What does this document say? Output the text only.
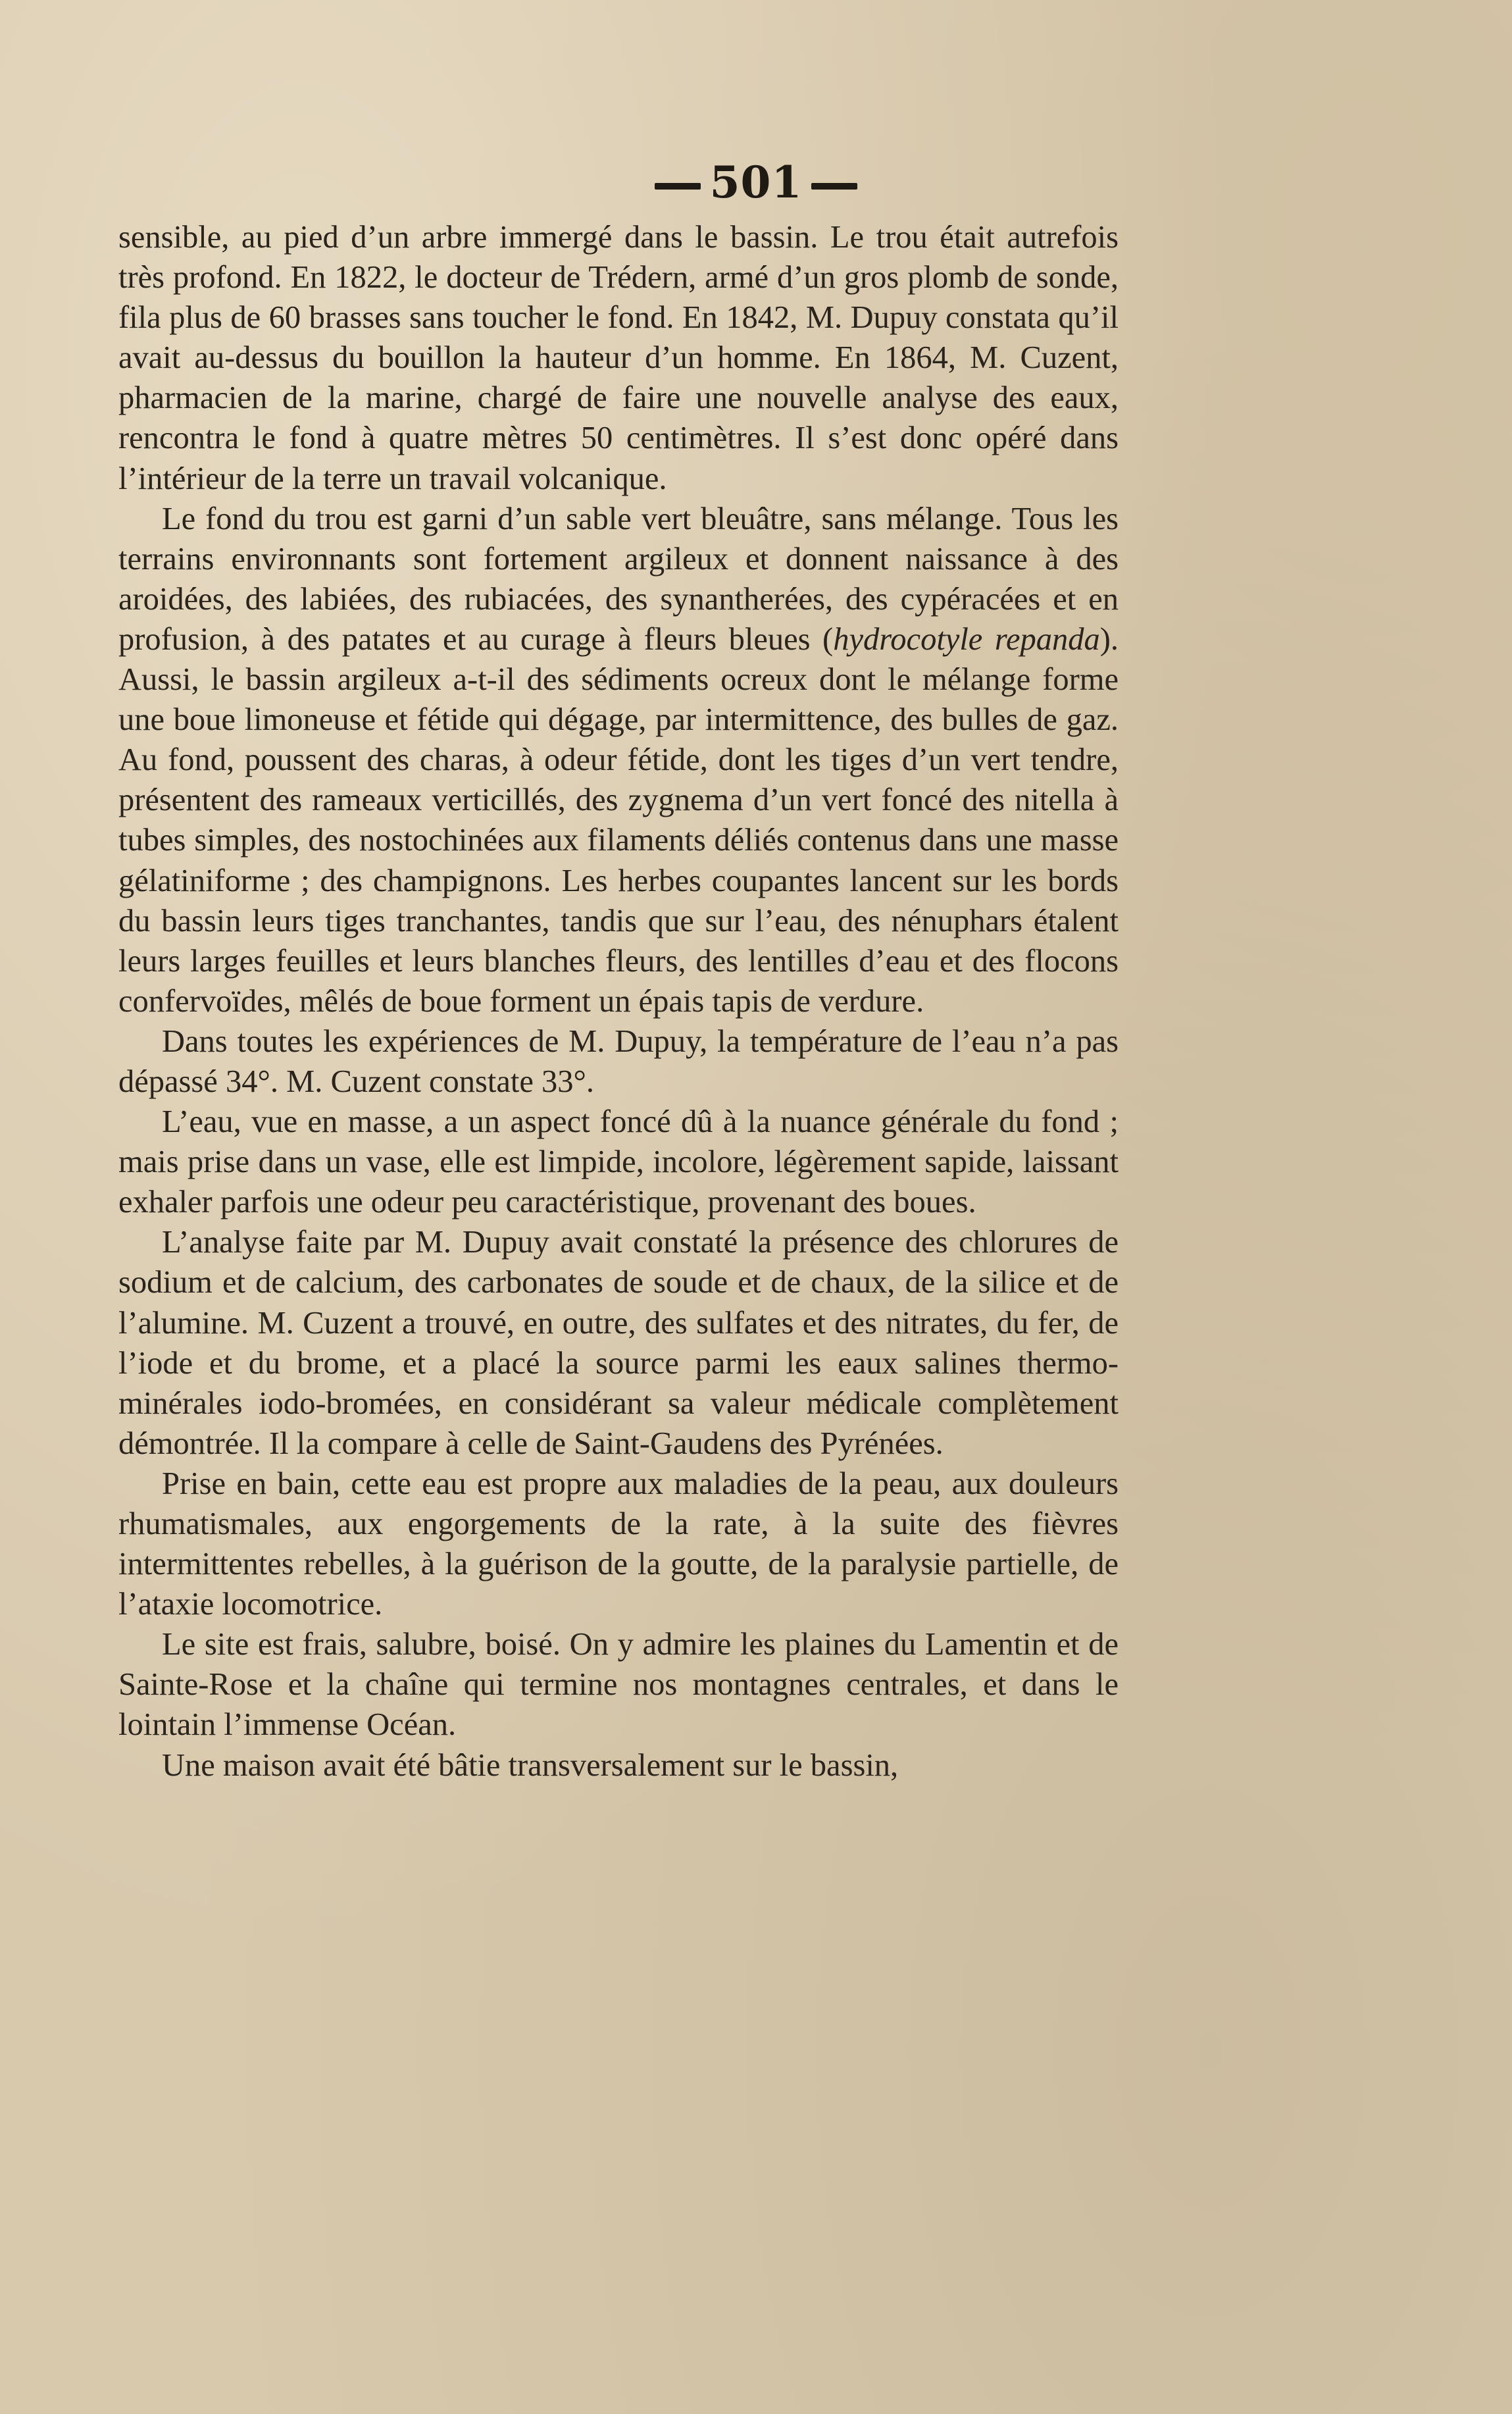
501

sensible, au pied d’un arbre immergé dans le bassin. Le trou était autrefois très profond. En 1822, le docteur de Trédern, armé d’un gros plomb de sonde, fila plus de 60 brasses sans toucher le fond. En 1842, M. Dupuy constata qu’il avait au-dessus du bouillon la hauteur d’un homme. En 1864, M. Cuzent, pharmacien de la marine, chargé de faire une nouvelle analyse des eaux, rencontra le fond à quatre mètres 50 centimètres. Il s’est donc opéré dans l’intérieur de la terre un travail volcanique.

Le fond du trou est garni d’un sable vert bleuâtre, sans mélange. Tous les terrains environnants sont fortement argileux et donnent naissance à des aroidées, des labiées, des rubiacées, des synantherées, des cypéracées et en profusion, à des patates et au curage à fleurs bleues (hydrocotyle repanda). Aussi, le bassin argileux a-t-il des sédiments ocreux dont le mélange forme une boue limoneuse et fétide qui dégage, par intermittence, des bulles de gaz. Au fond, poussent des charas, à odeur fétide, dont les tiges d’un vert tendre, présentent des rameaux verticillés, des zygnema d’un vert foncé des nitella à tubes simples, des nostochinées aux filaments déliés contenus dans une masse gélatiniforme ; des champignons. Les herbes coupantes lancent sur les bords du bassin leurs tiges tranchantes, tandis que sur l’eau, des nénuphars étalent leurs larges feuilles et leurs blanches fleurs, des lentilles d’eau et des flocons confervoïdes, mêlés de boue forment un épais tapis de verdure.

Dans toutes les expériences de M. Dupuy, la température de l’eau n’a pas dépassé 34°. M. Cuzent constate 33°.

L’eau, vue en masse, a un aspect foncé dû à la nuance générale du fond ; mais prise dans un vase, elle est limpide, incolore, légèrement sapide, laissant exhaler parfois une odeur peu caractéristique, provenant des boues.

L’analyse faite par M. Dupuy avait constaté la présence des chlorures de sodium et de calcium, des carbonates de soude et de chaux, de la silice et de l’alumine. M. Cuzent a trouvé, en outre, des sulfates et des nitrates, du fer, de l’iode et du brome, et a placé la source parmi les eaux salines thermo-minérales iodo-bromées, en considérant sa valeur médicale complètement démontrée. Il la compare à celle de Saint-Gaudens des Pyrénées.

Prise en bain, cette eau est propre aux maladies de la peau, aux douleurs rhumatismales, aux engorgements de la rate, à la suite des fièvres intermittentes rebelles, à la guérison de la goutte, de la paralysie partielle, de l’ataxie locomotrice.

Le site est frais, salubre, boisé. On y admire les plaines du Lamentin et de Sainte-Rose et la chaîne qui termine nos montagnes centrales, et dans le lointain l’immense Océan.

Une maison avait été bâtie transversalement sur le bassin,
